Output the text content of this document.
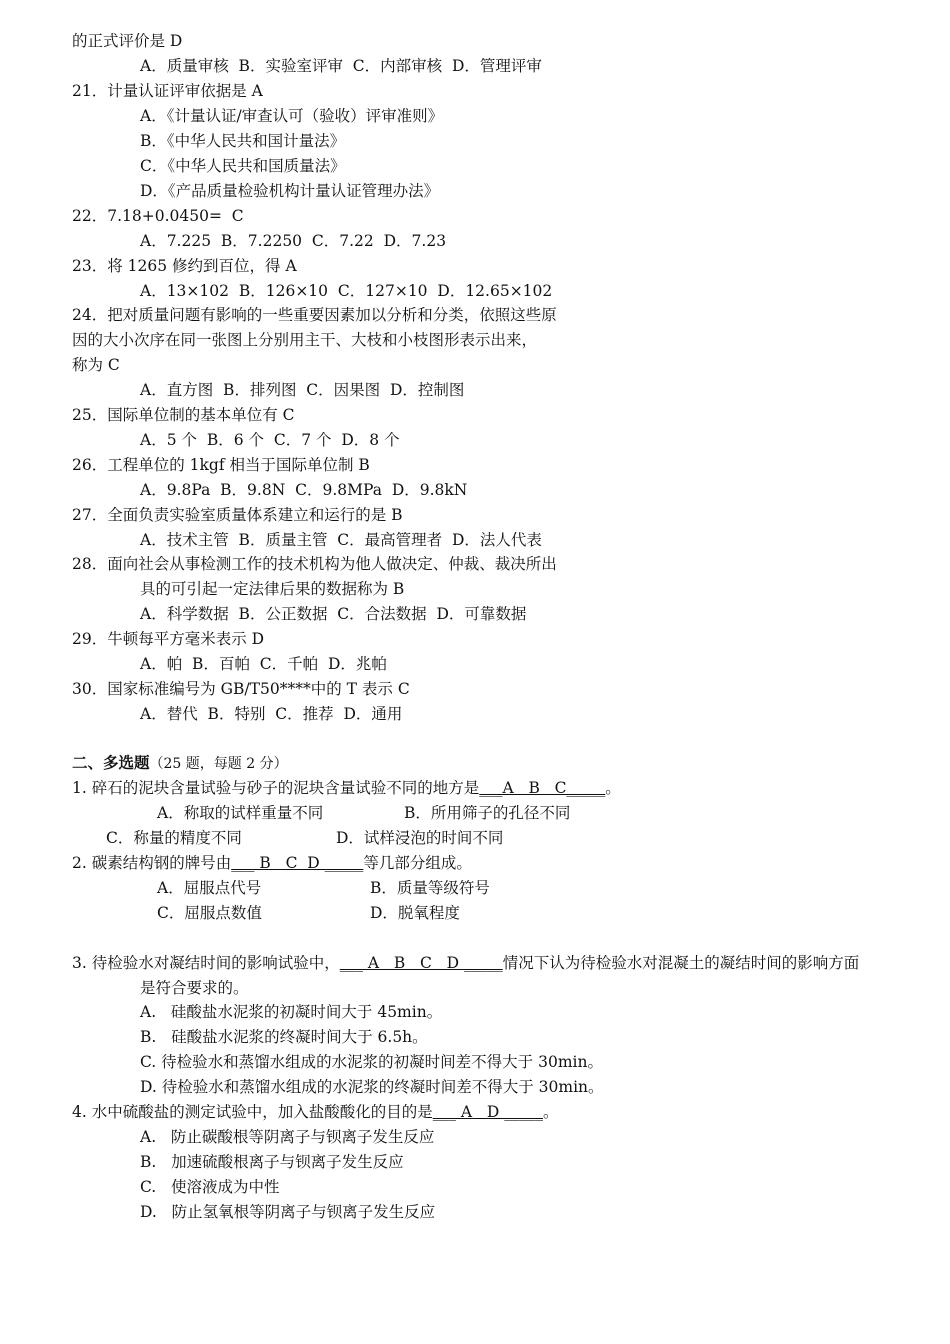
的正式评价是 D
A．质量审核  B．实验室评审  C．内部审核  D．管理评审
21．计量认证评审依据是 A
A．《计量认证/审查认可（验收）评审准则》
B．《中华人民共和国计量法》
C．《中华人民共和国质量法》
D．《产品质量检验机构计量认证管理办法》
22．7.18+0.0450=  C
A．7.225  B．7.2250  C．7.22  D．7.23
23．将 1265 修约到百位，得 A
A．13×102  B．126×10  C．127×10  D．12.65×102
24．把对质量问题有影响的一些重要因素加以分析和分类，依照这些原
因的大小次序在同一张图上分别用主干、大枝和小枝图形表示出来，
称为 C
A．直方图  B．排列图  C．因果图  D．控制图
25．国际单位制的基本单位有 C
A．5 个  B．6 个  C．7 个  D．8 个
26．工程单位的 1kgf 相当于国际单位制 B
A．9.8Pa  B．9.8N  C．9.8MPa  D．9.8kN
27．全面负责实验室质量体系建立和运行的是 B
A．技术主管  B．质量主管  C．最高管理者  D．法人代表
28．面向社会从事检测工作的技术机构为他人做决定、仲裁、裁决所出
具的可引起一定法律后果的数据称为 B
A．科学数据  B．公正数据  C．合法数据  D．可靠数据
29．牛顿每平方毫米表示 D
A．帕  B．百帕  C．千帕  D．兆帕
30．国家标准编号为 GB/T50****中的 T 表示 C
A．替代  B．特别  C．推荐  D．通用
二、多选题（25 题，每题 2 分）
1. 碎石的泥块含量试验与砂子的泥块含量试验不同的地方是___A   B   C_____。
A．称取的试样重量不同	B．所用筛子的孔径不同
C．称量的精度不同	D．试样浸泡的时间不同
2. 碳素结构钢的牌号由___ B   C  D _____等几部分组成。
A．屈服点代号	B．质量等级符号
C．屈服点数值	D．脱氧程度
3. 待检验水对凝结时间的影响试验中，___ A   B   C   D _____情况下认为待检验水对混凝土的凝结时间的影响方面
是符合要求的。
A.   硅酸盐水泥浆的初凝时间大于 45min。
B.   硅酸盐水泥浆的终凝时间大于 6.5h。
C. 待检验水和蒸馏水组成的水泥浆的初凝时间差不得大于 30min。
D. 待检验水和蒸馏水组成的水泥浆的终凝时间差不得大于 30min。
4. 水中硫酸盐的测定试验中，加入盐酸酸化的目的是___ A   D _____。
A.   防止碳酸根等阴离子与钡离子发生反应
B.   加速硫酸根离子与钡离子发生反应
C.   使溶液成为中性
D.   防止氢氧根等阴离子与钡离子发生反应
